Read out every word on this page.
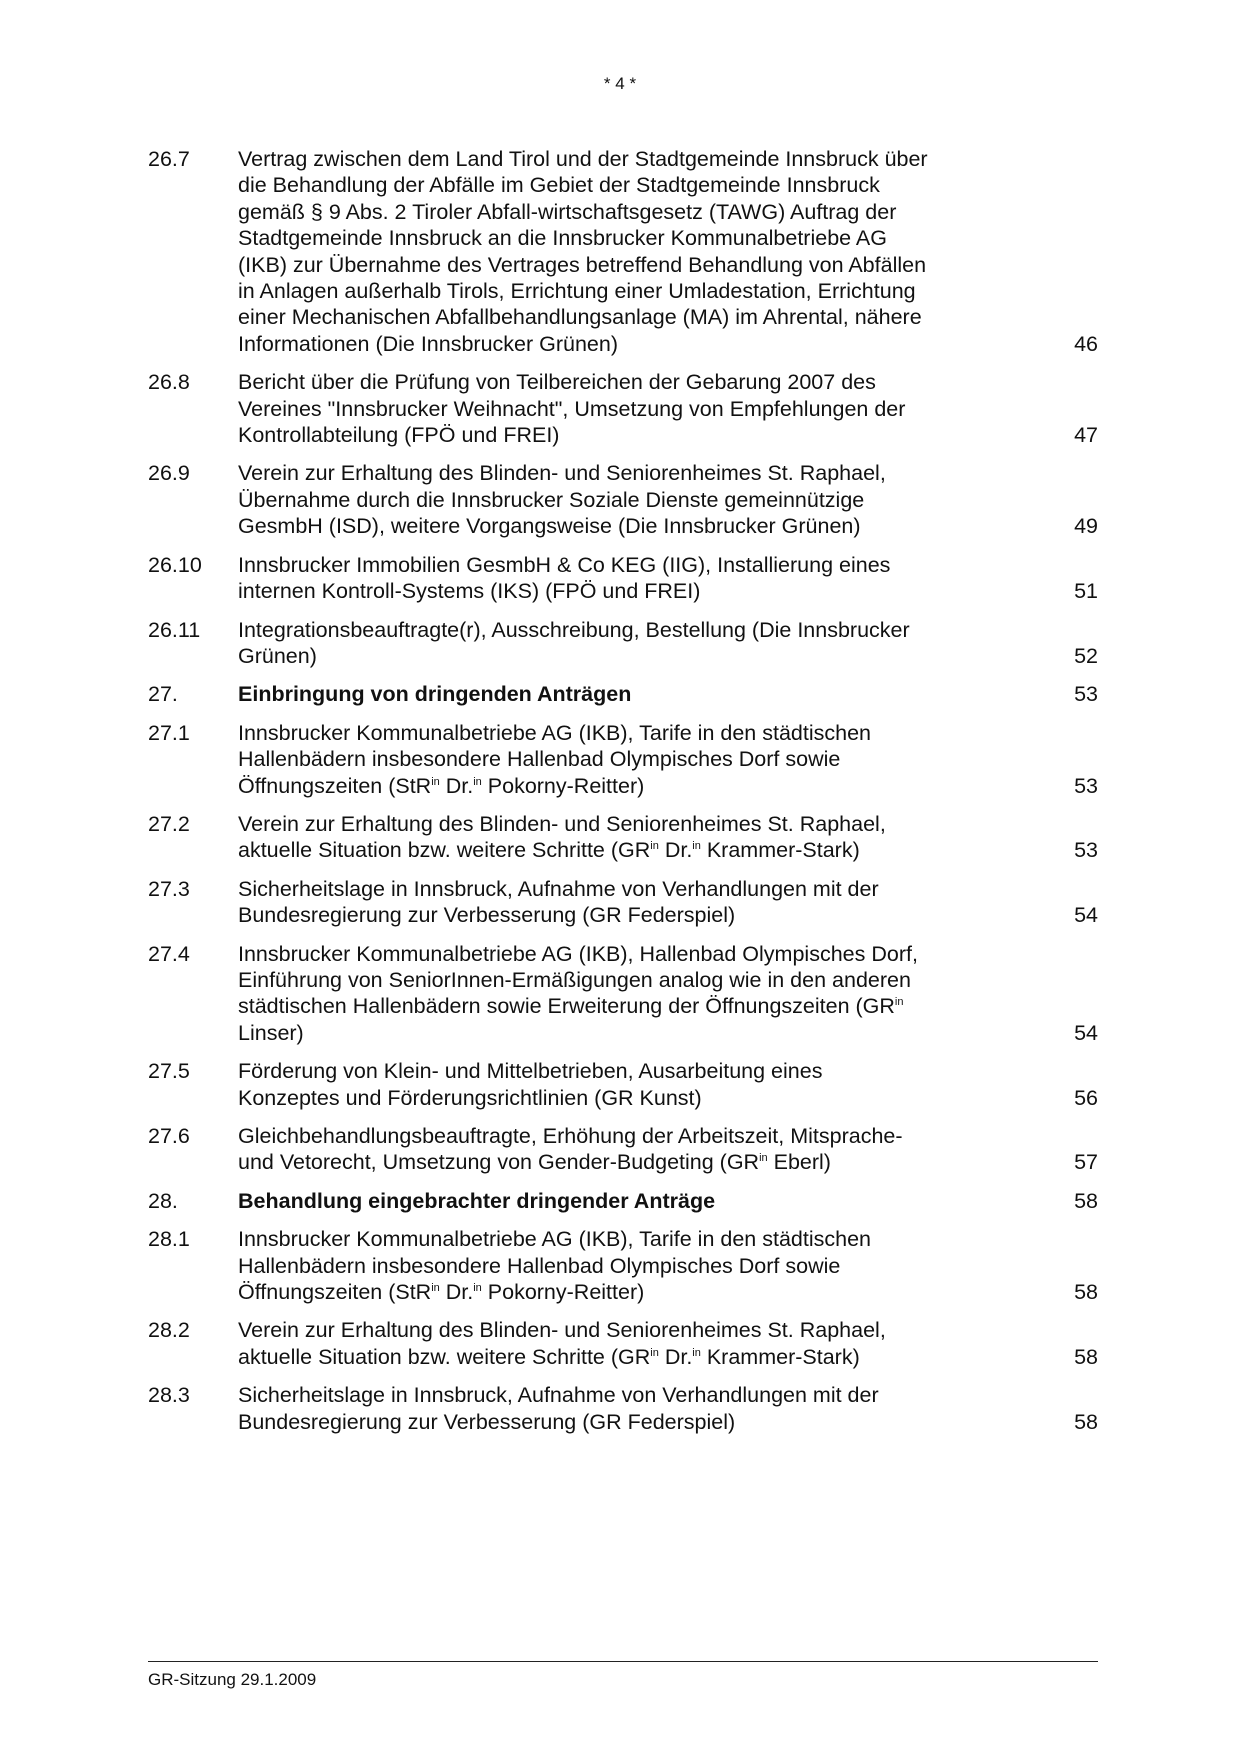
* 4 *
26.7	Vertrag zwischen dem Land Tirol und der Stadtgemeinde Innsbruck über die Behandlung der Abfälle im Gebiet der Stadtgemeinde Innsbruck gemäß § 9 Abs. 2 Tiroler Abfall-wirtschaftsgesetz (TAWG) Auftrag der Stadtgemeinde Innsbruck an die Innsbrucker Kommunalbetriebe AG (IKB) zur Übernahme des Vertrages betreffend Behandlung von Abfällen in Anlagen außerhalb Tirols, Errichtung einer Umladestation, Errichtung einer Mechanischen Abfallbehandlungsanlage (MA) im Ahrental, nähere Informationen (Die Innsbrucker Grünen)	46
26.8	Bericht über die Prüfung von Teilbereichen der Gebarung 2007 des Vereines "Innsbrucker Weihnacht", Umsetzung von Empfehlungen der Kontrollabteilung (FPÖ und FREI)	47
26.9	Verein zur Erhaltung des Blinden- und Seniorenheimes St. Raphael, Übernahme durch die Innsbrucker Soziale Dienste gemeinnützige GesmbH (ISD), weitere Vorgangsweise (Die Innsbrucker Grünen)	49
26.10	Innsbrucker Immobilien GesmbH & Co KEG (IIG), Installierung eines internen Kontroll-Systems (IKS) (FPÖ und FREI)	51
26.11	Integrationsbeauftragte(r), Ausschreibung, Bestellung (Die Innsbrucker Grünen)	52
27.	Einbringung von dringenden Anträgen	53
27.1	Innsbrucker Kommunalbetriebe AG (IKB), Tarife in den städtischen Hallenbädern insbesondere Hallenbad Olympisches Dorf sowie Öffnungszeiten (StR$^{in}$ Dr.$^{in}$ Pokorny-Reitter)	53
27.2	Verein zur Erhaltung des Blinden- und Seniorenheimes St. Raphael, aktuelle Situation bzw. weitere Schritte ($GR^{in}$ Dr.$^{in}$ Krammer-Stark)	53
27.3	Sicherheitslage in Innsbruck, Aufnahme von Verhandlungen mit der Bundesregierung zur Verbesserung (GR Federspiel)	54
27.4	Innsbrucker Kommunalbetriebe AG (IKB), Hallenbad Olympisches Dorf, Einführung von SeniorInnen-Ermäßigungen analog wie in den anderen städtischen Hallenbädern sowie Erweiterung der Öffnungszeiten ($GR^{in}$ Linser)	54
27.5	Förderung von Klein- und Mittelbetrieben, Ausarbeitung eines Konzeptes und Förderungsrichtlinien (GR Kunst)	56
27.6	Gleichbehandlungsbeauftragte, Erhöhung der Arbeitszeit, Mitsprache- und Vetorecht, Umsetzung von Gender-Budgeting ($GR^{in}$ Eberl)	57
28.	Behandlung eingebrachter dringender Anträge	58
28.1	Innsbrucker Kommunalbetriebe AG (IKB), Tarife in den städtischen Hallenbädern insbesondere Hallenbad Olympisches Dorf sowie Öffnungszeiten (StR$^{in}$ Dr.$^{in}$ Pokorny-Reitter)	58
28.2	Verein zur Erhaltung des Blinden- und Seniorenheimes St. Raphael, aktuelle Situation bzw. weitere Schritte ($GR^{in}$ Dr.$^{in}$ Krammer-Stark)	58
28.3	Sicherheitslage in Innsbruck, Aufnahme von Verhandlungen mit der Bundesregierung zur Verbesserung (GR Federspiel)	58
GR-Sitzung 29.1.2009
